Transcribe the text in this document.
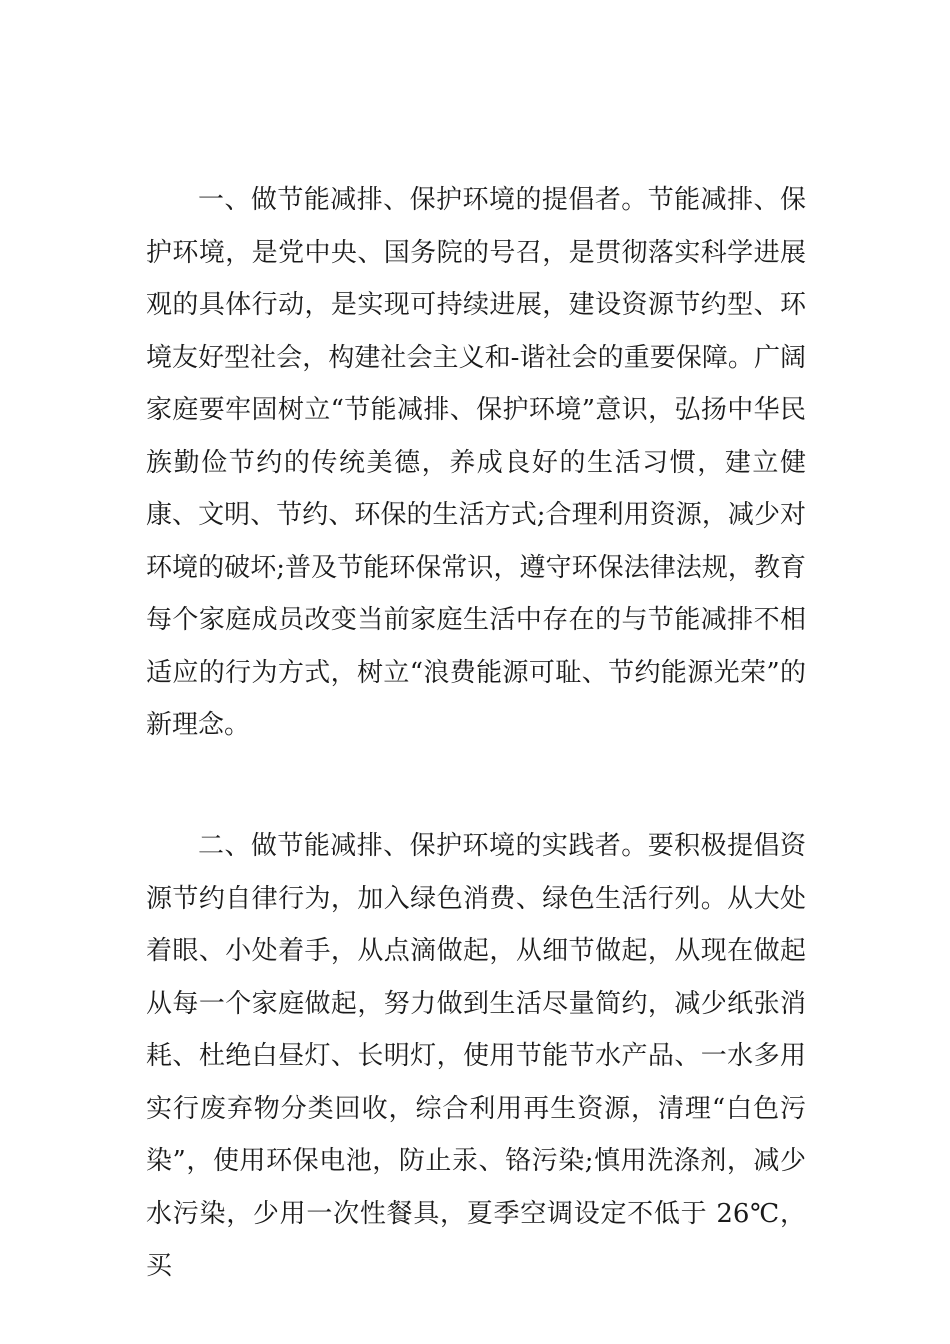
一、做节能减排、保护环境的提倡者。节能减排、保护环境，是党中央、国务院的号召，是贯彻落实科学进展观的具体行动，是实现可持续进展，建设资源节约型、环境友好型社会，构建社会主义和-谐社会的重要保障。广阔家庭要牢固树立“节能减排、保护环境”意识，弘扬中华民族勤俭节约的传统美德，养成良好的生活习惯，建立健康、文明、节约、环保的生活方式;合理利用资源，减少对环境的破坏;普及节能环保常识，遵守环保法律法规，教育每个家庭成员改变当前家庭生活中存在的与节能减排不相适应的行为方式，树立“浪费能源可耻、节约能源光荣”的新理念。

二、做节能减排、保护环境的实践者。要积极提倡资源节约自律行为，加入绿色消费、绿色生活行列。从大处着眼、小处着手，从点滴做起，从细节做起，从现在做起从每一个家庭做起，努力做到生活尽量简约，减少纸张消耗、杜绝白昼灯、长明灯，使用节能节水产品、一水多用实行废弃物分类回收，综合利用再生资源，清理“白色污染”，使用环保电池，防止汞、铬污染;慎用洗涤剂，减少水污染，少用一次性餐具，夏季空调设定不低于 26℃，买
